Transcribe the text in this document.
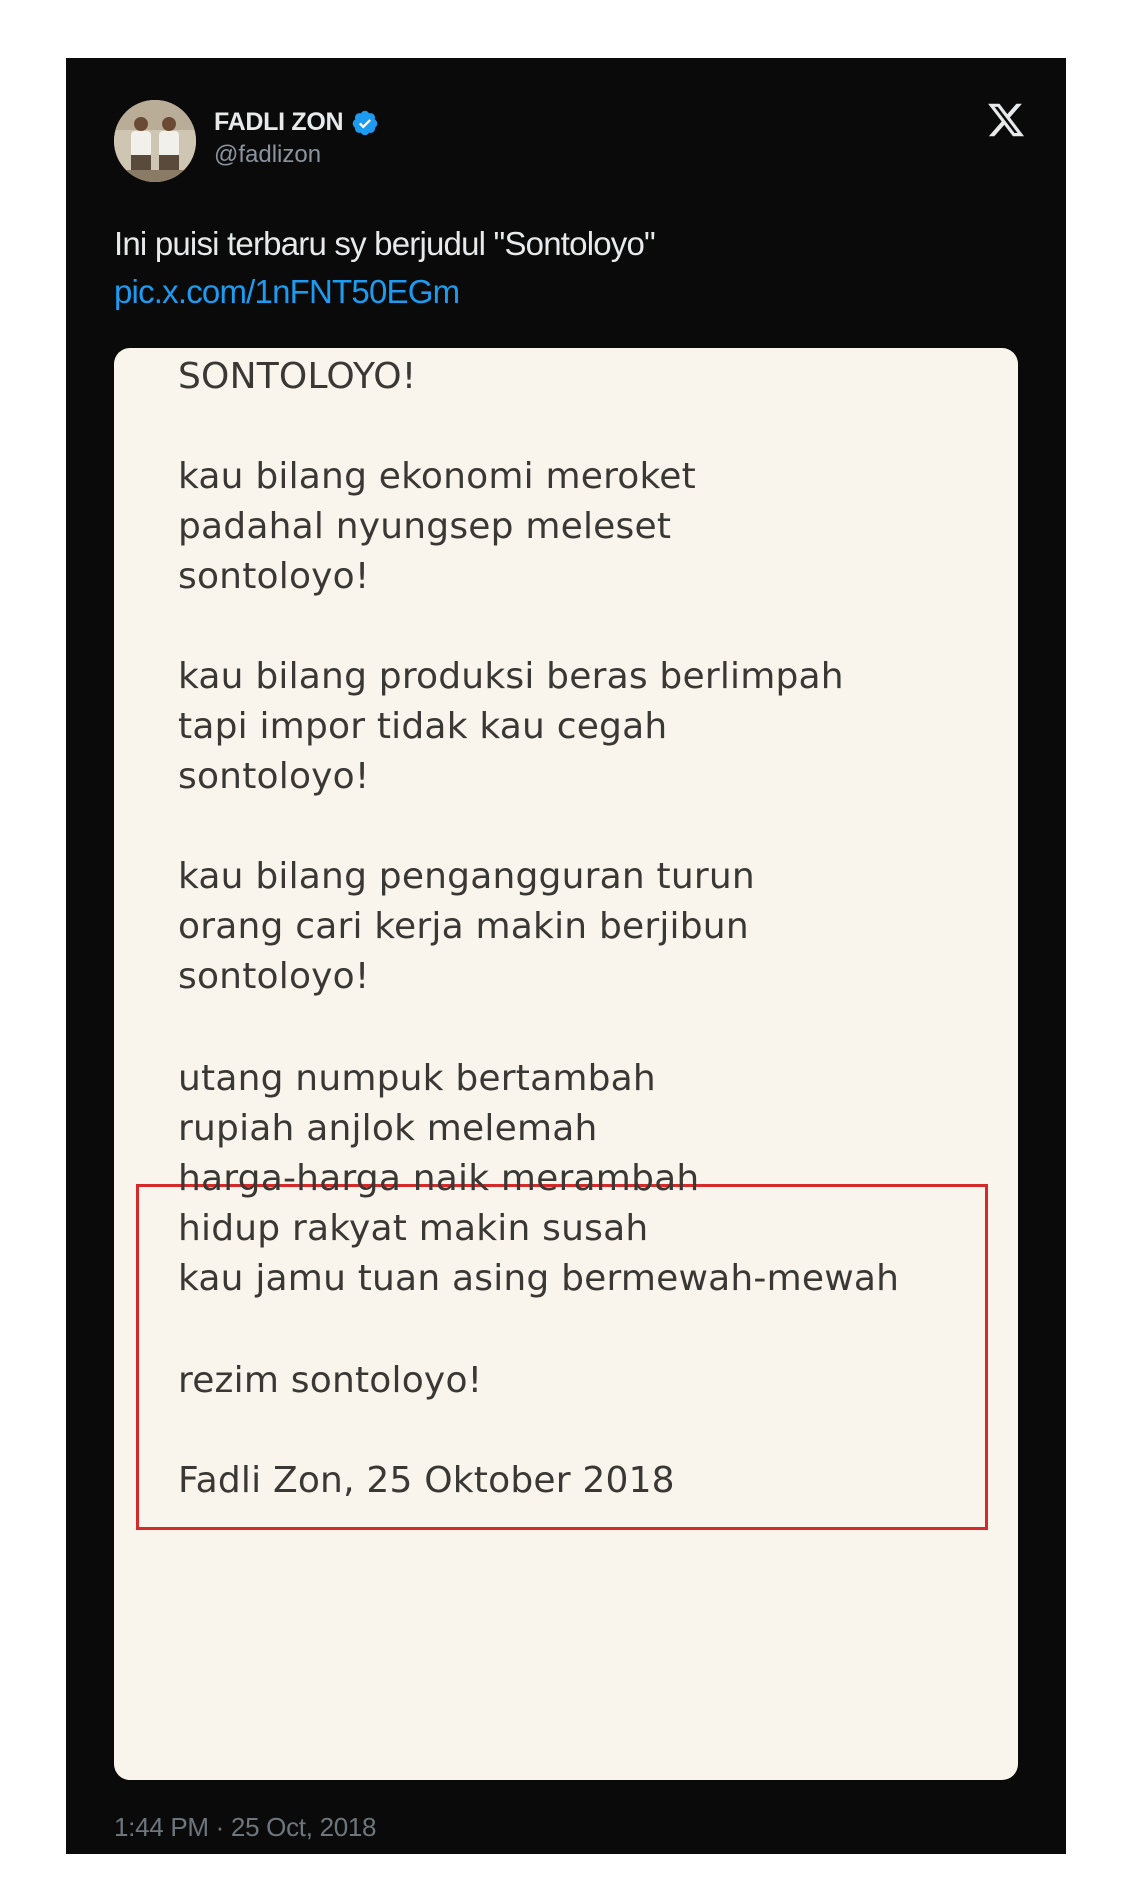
FADLI ZON
@fadlizon
Ini puisi terbaru sy berjudul "Sontoloyo"
pic.x.com/1nFNT50EGm
SONTOLOYO!
kau bilang ekonomi meroket
padahal nyungsep meleset
sontoloyo!
kau bilang produksi beras berlimpah
tapi impor tidak kau cegah
sontoloyo!
kau bilang pengangguran turun
orang cari kerja makin berjibun
sontoloyo!
utang numpuk bertambah
rupiah anjlok melemah
harga-harga naik merambah
hidup rakyat makin susah
kau jamu tuan asing bermewah-mewah
rezim sontoloyo!
Fadli Zon, 25 Oktober 2018
1:44 PM · 25 Oct, 2018
